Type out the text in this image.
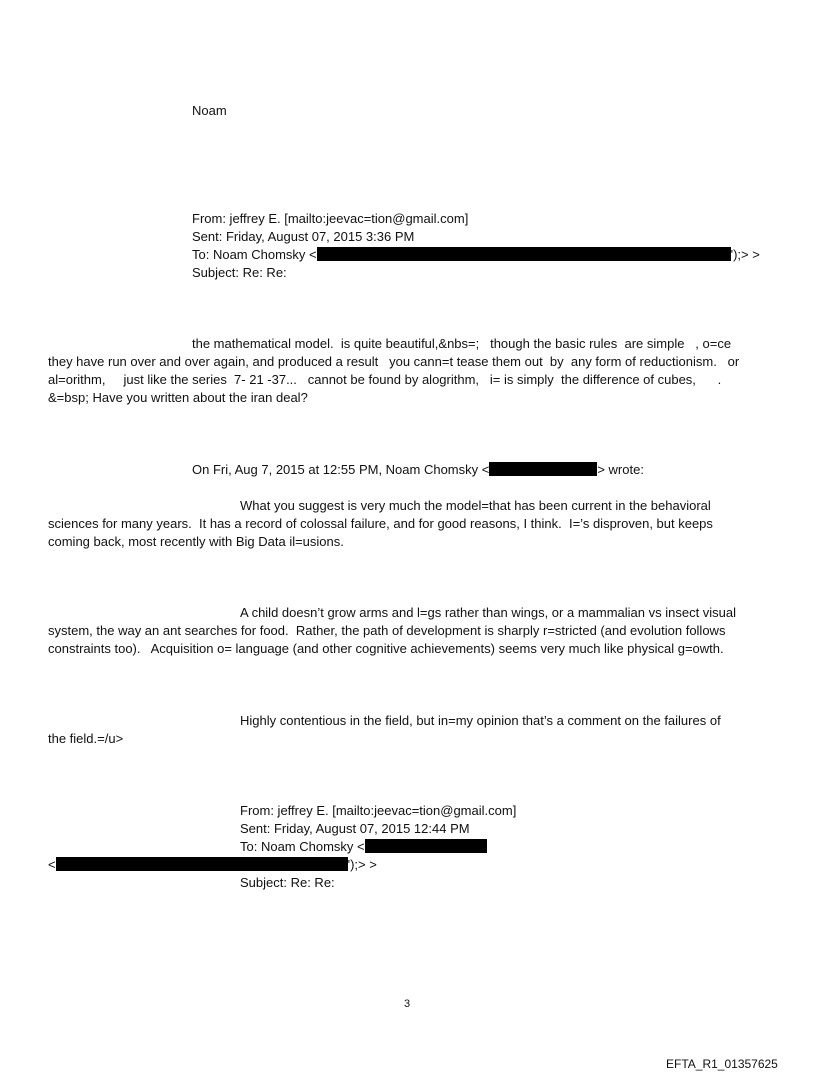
Noam
From: jeffrey E. [mailto:jeevac=tion@gmail.com]
Sent: Friday, August 07, 2015 3:36 PM
To: Noam Chomsky <	');> >
Subject: Re: Re:
the mathematical model.  is quite beautiful,&nbs=;   though the basic rules  are simple   , o=ce
they have run over and over again, and produced a result   you cann=t tease them out  by  any form of reductionism.   or
al=orithm,     just like the series  7- 21 -37...   cannot be found by alogrithm,   i= is simply  the difference of cubes,      .
&=bsp; Have you written about the iran deal?
On Fri, Aug 7, 2015 at 12:55 PM, Noam Chomsky <	> wrote:
What you suggest is very much the model=that has been current in the behavioral
sciences for many years.  It has a record of colossal failure, and for good reasons, I think.  I=’s disproven, but keeps
coming back, most recently with Big Data il=usions.
A child doesn’t grow arms and l=gs rather than wings, or a mammalian vs insect visual
system, the way an ant searches for food.  Rather, the path of development is sharply r=stricted (and evolution follows
constraints too).   Acquisition o= language (and other cognitive achievements) seems very much like physical g=owth.
Highly contentious in the field, but in=my opinion that’s a comment on the failures of
the field.=/u>
From: jeffrey E. [mailto:jeevac=tion@gmail.com]
Sent: Friday, August 07, 2015 12:44 PM
To: Noam Chomsky <
<	');> >
Subject: Re: Re:
3
EFTA_R1_01357625
